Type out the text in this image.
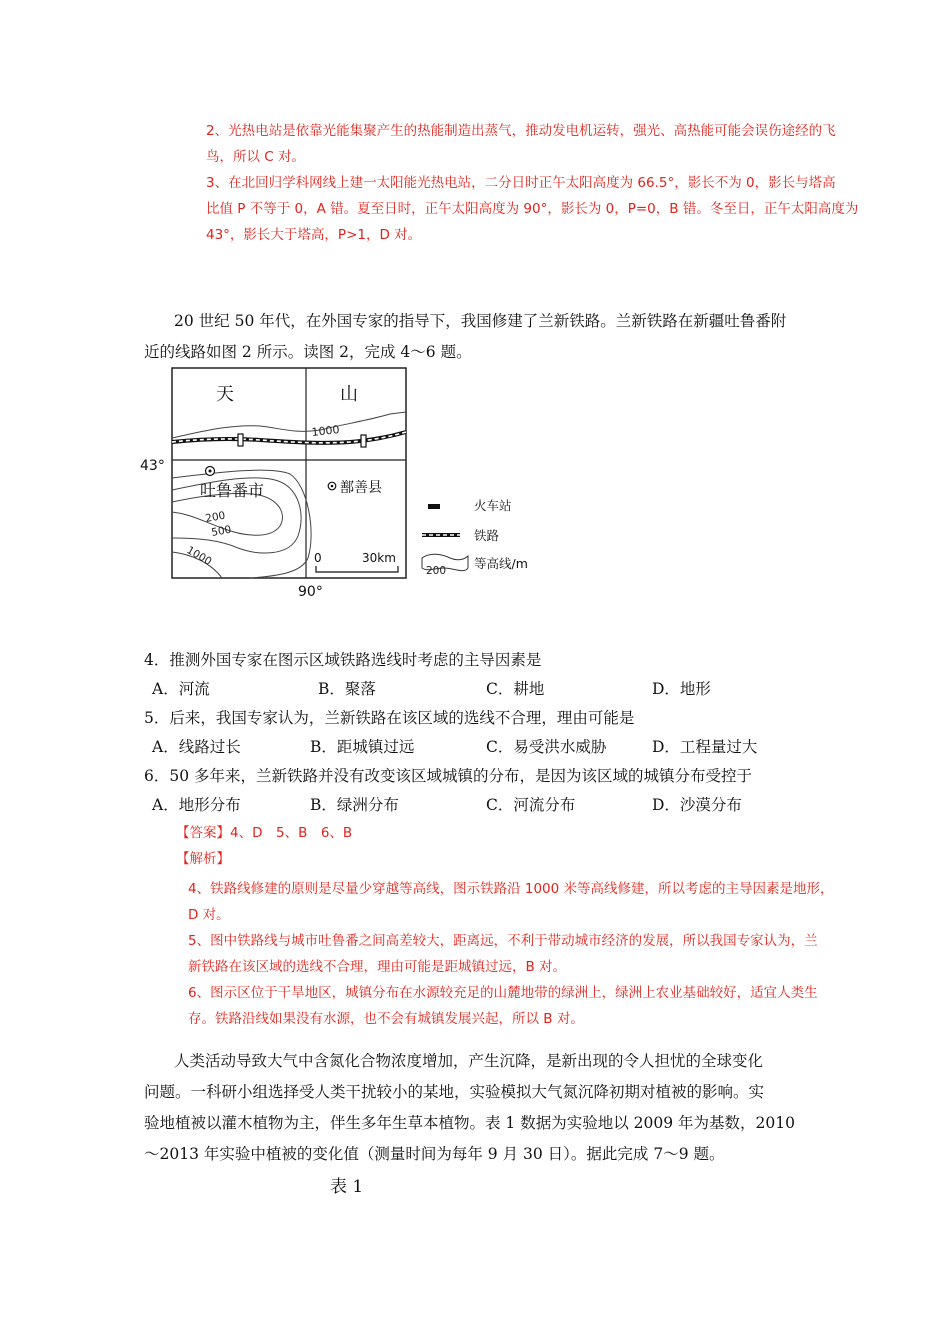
2、光热电站是依靠光能集聚产生的热能制造出蒸气，推动发电机运转，强光、高热能可能会误伤途经的飞
鸟，所以 C 对。
3、在北回归学科网线上建一太阳能光热电站，二分日时正午太阳高度为 66.5°，影长不为 0，影长与塔高
比值 P 不等于 0，A 错。夏至日时，正午太阳高度为 90°，影长为 0，P=0，B 错。冬至日，正午太阳高度为
43°，影长大于塔高，P>1，D 对。
20 世纪 50 年代，在外国专家的指导下，我国修建了兰新铁路。兰新铁路在新疆吐鲁番附
近的线路如图 2 所示。读图 2，完成 4～6 题。
天	山
1000
43°
吐鲁番市	鄯善县
200
500
1000	0	30km
90°
火车站
铁路
200 等高线/m
4．推测外国专家在图示区域铁路选线时考虑的主导因素是
A．河流	B．聚落	C．耕地	D．地形
5．后来，我国专家认为，兰新铁路在该区域的选线不合理，理由可能是
A．线路过长	B．距城镇过远	C．易受洪水威胁	D．工程量过大
6．50 多年来，兰新铁路并没有改变该区域城镇的分布，是因为该区域的城镇分布受控于
A．地形分布	B．绿洲分布	C．河流分布	D．沙漠分布
【答案】4、D　5、B　6、B
【解析】
4、铁路线修建的原则是尽量少穿越等高线，图示铁路沿 1000 米等高线修建，所以考虑的主导因素是地形，
D 对。
5、图中铁路线与城市吐鲁番之间高差较大，距离远，不利于带动城市经济的发展，所以我国专家认为，兰
新铁路在该区域的选线不合理，理由可能是距城镇过远，B 对。
6、图示区位于干旱地区，城镇分布在水源较充足的山麓地带的绿洲上，绿洲上农业基础较好，适宜人类生
存。铁路沿线如果没有水源，也不会有城镇发展兴起，所以 B 对。
人类活动导致大气中含氮化合物浓度增加，产生沉降，是新出现的令人担忧的全球变化
问题。一科研小组选择受人类干扰较小的某地，实验模拟大气氮沉降初期对植被的影响。实
验地植被以灌木植物为主，伴生多年生草本植物。表 1 数据为实验地以 2009 年为基数，2010
～2013 年实验中植被的变化值（测量时间为每年 9 月 30 日）。据此完成 7～9 题。
表 1
